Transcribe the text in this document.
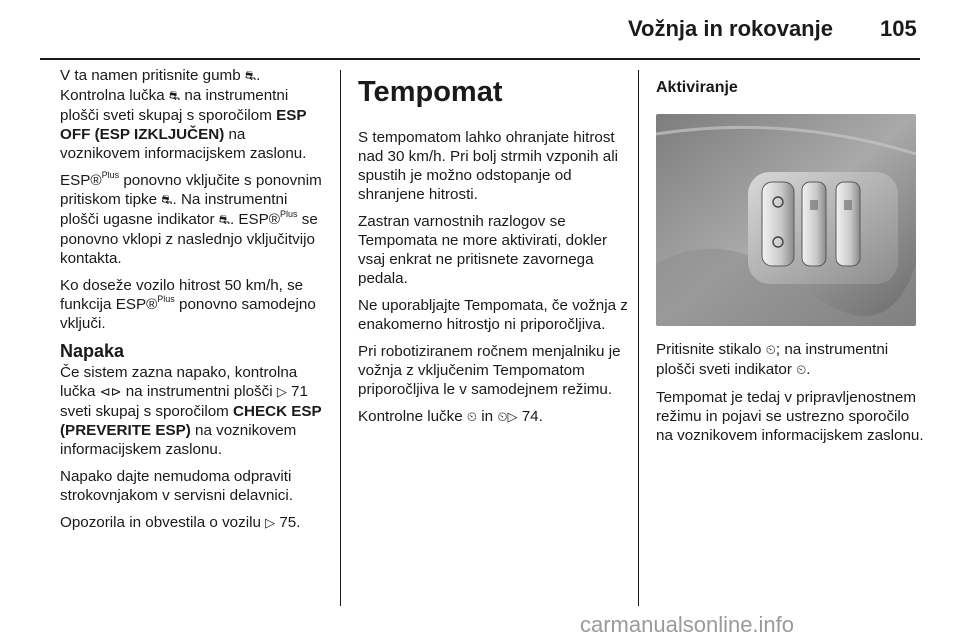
Vožnja in rokovanje 105

V ta namen pritisnite gumb ⛐. Kontrolna lučka ⛐ na instrumentni plošči sveti skupaj s sporočilom ESP OFF (ESP IZKLJUČEN) na voznikovem informacijskem zaslonu.

ESP®$^{Plus}$ ponovno vključite s ponovnim pritiskom tipke ⛐. Na instrumentni plošči ugasne indikator ⛐. ESP®$^{Plus}$ se ponovno vklopi z naslednjo vključitvijo kontakta.

Ko doseže vozilo hitrost 50 km/h, se funkcija ESP®$^{Plus}$ ponovno samodejno vključi.

Napaka

Če sistem zazna napako, kontrolna lučka ⊲⊳ na instrumentni plošči ▷ 71 sveti skupaj s sporočilom CHECK ESP (PREVERITE ESP) na voznikovem informacijskem zaslonu.

Napako dajte nemudoma odpraviti strokovnjakom v servisni delavnici.

Opozorila in obvestila o vozilu ▷ 75.

Tempomat

S tempomatom lahko ohranjate hitrost nad 30 km/h. Pri bolj strmih vzponih ali spustih je možno odstopanje od shranjene hitrosti.

Zastran varnostnih razlogov se Tempomata ne more aktivirati, dokler vsaj enkrat ne pritisnete zavornega pedala.

Ne uporabljajte Tempomata, če vožnja z enakomerno hitrostjo ni priporočljiva.

Pri robotiziranem ročnem menjalniku je vožnja z vključenim Tempomatom priporočljiva le v samodejnem režimu.

Kontrolne lučke ⏲ in ⏲▷ 74.

Aktiviranje

Pritisnite stikalo ⏲; na instrumentni plošči sveti indikator ⏲.

Tempomat je tedaj v pripravljenostnem režimu in pojavi se ustrezno sporočilo na voznikovem informacijskem zaslonu.

carmanualsonline.info
